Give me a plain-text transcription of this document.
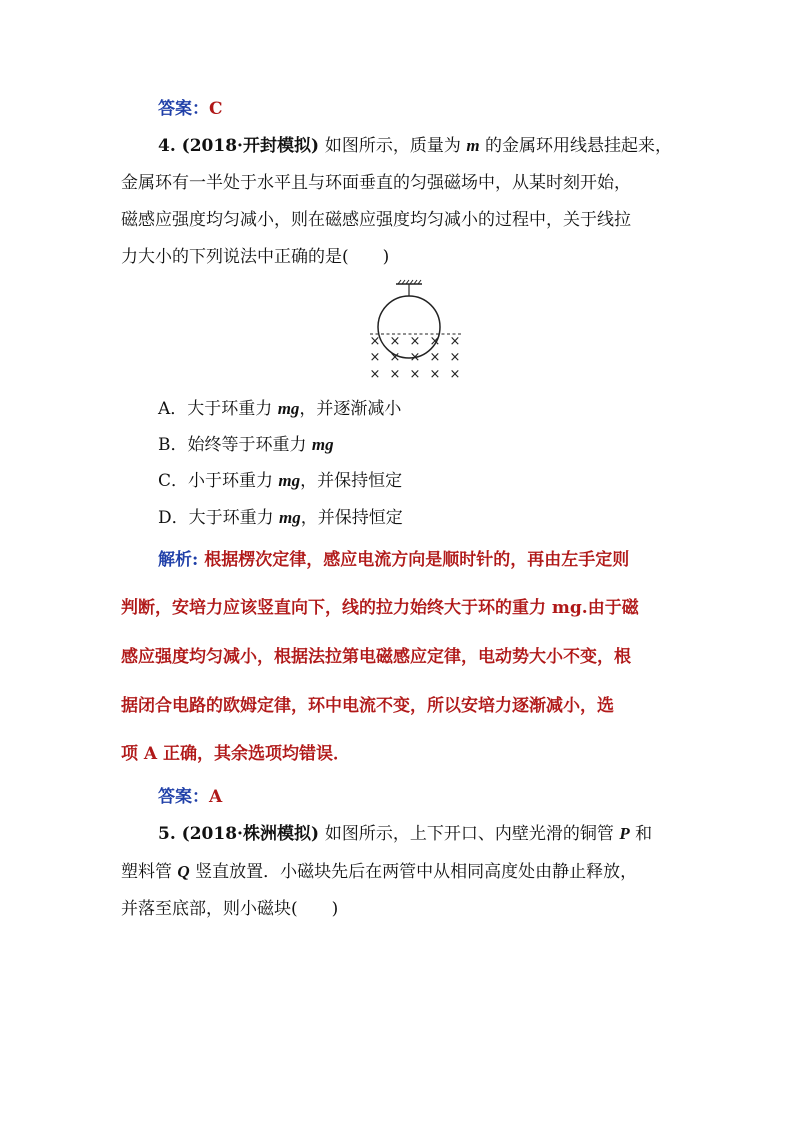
答案：C
4. (2018·开封模拟) 如图所示，质量为 m 的金属环用线悬挂起来，
金属环有一半处于水平且与环面垂直的匀强磁场中，从某时刻开始，
磁感应强度均匀减小，则在磁感应强度均匀减小的过程中，关于线拉
力大小的下列说法中正确的是(　　)
× × × × ×
× × × × ×
× × × × ×
A．大于环重力 mg，并逐渐减小
B．始终等于环重力 mg
C．小于环重力 mg，并保持恒定
D．大于环重力 mg，并保持恒定
解析: 根据楞次定律，感应电流方向是顺时针的，再由左手定则
判断，安培力应该竖直向下，线的拉力始终大于环的重力 mg.由于磁
感应强度均匀减小，根据法拉第电磁感应定律，电动势大小不变，根
据闭合电路的欧姆定律，环中电流不变，所以安培力逐渐减小，选
项 A 正确，其余选项均错误．
答案：A
5. (2018·株洲模拟) 如图所示，上下开口、内壁光滑的铜管 P 和
塑料管 Q 竖直放置．小磁块先后在两管中从相同高度处由静止释放，
并落至底部，则小磁块(　　)
